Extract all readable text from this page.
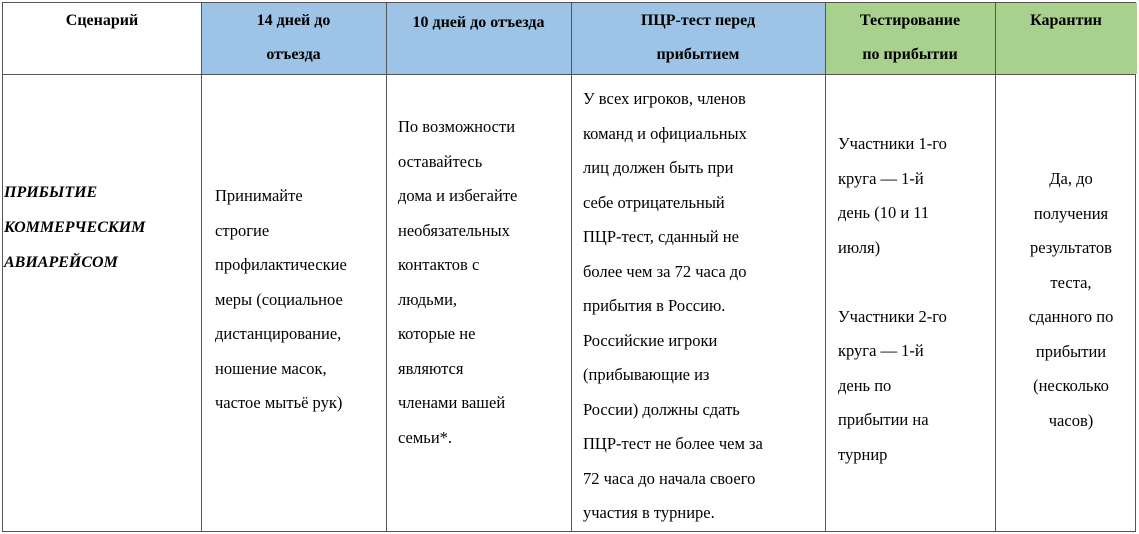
Сценарий	14 дней до
отъезда
10 дней до отъезда	ПЦР-тест перед
прибытием
Тестирование
по прибытии
Карантин
ПРИБЫТИЕ
КОММЕРЧЕСКИМ
АВИАРЕЙСОМ
Принимайте
строгие
профилактические
меры (социальное
дистанцирование,
ношение масок,
частое мытьё рук)
По возможности
оставайтесь
дома и избегайте
необязательных
контактов с
людьми,
которые не
являются
членами вашей
семьи*.
У всех игроков, членов
команд и официальных
лиц должен быть при
себе отрицательный
ПЦР-тест, сданный не
более чем за 72 часа до
прибытия в Россию.
Российские игроки
(прибывающие из
России) должны сдать
ПЦР-тест не более чем за
72 часа до начала своего
участия в турнире.
Участники 1-го
круга — 1-й
день (10 и 11
июля)
Участники 2-го
круга — 1-й
день по
прибытии на
турнир
Да, до
получения
результатов
теста,
сданного по
прибытии
(несколько
часов)
